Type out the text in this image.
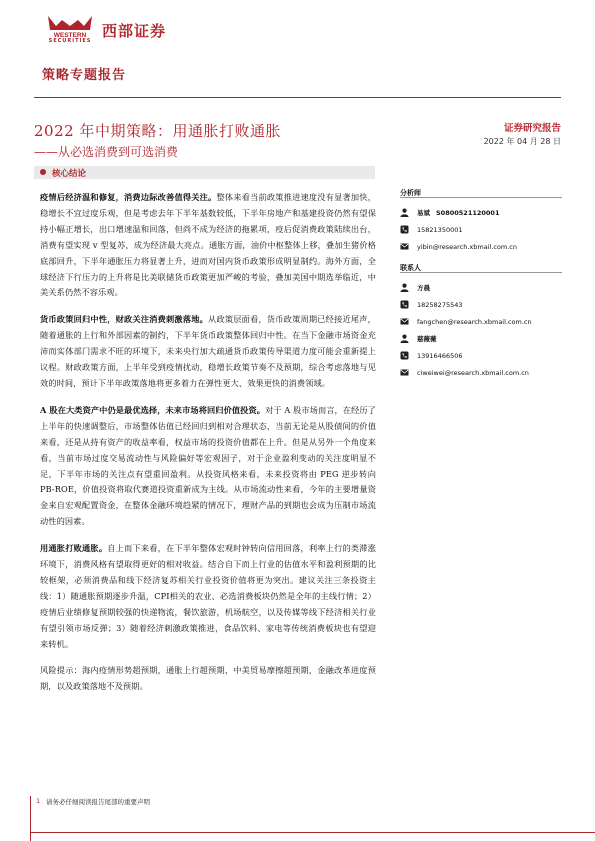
WESTERN
SECURITIES
西部证券
策略专题报告
2022 年中期策略：用通胀打败通胀
——从必选消费到可选消费
证券研究报告
2022 年 04 月 28 日
核心结论

疫情后经济温和修复，消费边际改善值得关注。整体来看当前政策推进速度没有显著加快，稳增长不宜过度乐观，但是考虑去年下半年基数较低，下半年房地产和基建投资仍然有望保持小幅正增长，出口增速温和回落，但尚不成为经济的拖累项，疫后促消费政策陆续出台，消费有望实现 v 型复苏，成为经济最大亮点。通胀方面，油价中枢整体上移，叠加生猪价格底部回升，下半年通胀压力将显著上升，进而对国内货币政策形成明显制约。海外方面，全球经济下行压力的上升将是比美联储货币政策更加严峻的考验，叠加美国中期选举临近，中美关系仍然不容乐观。

货币政策回归中性，财政关注消费刺激落地。从政策层面看，货币政策周期已经接近尾声，随着通胀的上行和外部因素的制约，下半年货币政策整体回归中性。在当下金融市场资金充沛而实体部门需求不旺的环境下，未来央行加大疏通货币政策传导渠道力度可能会重新提上议程。财政政策方面，上半年受到疫情扰动，稳增长政策节奏不及预期，综合考虑落地与见效的时间，预计下半年政策落地将更多着力在弹性更大、效果更快的消费领域。

A 股在大类资产中仍是最优选择，未来市场将回归价值投资。对于 A 股市场而言，在经历了上半年的快速调整后，市场整体估值已经回归到相对合理状态，当前无论是从股债间的价值来看，还是从持有资产的收益率看，权益市场的投资价值都在上升。但是从另外一个角度来看，当前市场过度交易流动性与风险偏好等宏观因子，对于企业盈利变动的关注度明显不足，下半年市场的关注点有望重回盈利。从投资风格来看，未来投资将由 PEG 逆步转向 PB-ROE，价值投资将取代赛道投资重新成为主线。从市场流动性来看，今年的主要增量资金来自宏观配置资金，在整体金融环境趋紧的情况下，理财产品的到期也会成为压制市场流动性的因素。

用通胀打败通胀。自上而下来看，在下半年整体宏观时钟转向信用回落，利率上行的类滞涨环境下，消费风格有望取得更好的相对收益。结合自下而上行业的估值水平和盈利预期的比较框架，必须消费品和线下经济复苏相关行业投资价值将更为突出。建议关注三条投资主线：1）随通胀预期逐步升温，CPI相关的农业、必选消费板块仍然是全年的主线行情；2）疫情后业绩修复预期较强的快递物流，餐饮旅游，机场航空，以及传媒等线下经济相关行业有望引领市场反弹；3）随着经济刺激政策推进，食品饮料、家电等传统消费板块也有望迎来转机。

风险提示：海内疫情形势超预期，通胀上行超预期，中美贸易摩擦超预期，金融改革进度预期，以及政策落地不及预期。

分析师
易斌 S0800521120001
15821350001
yibin@research.xbmail.com.cn
联系人
方晨
18258275543
fangchen@research.xbmail.com.cn
慈薇薇
13916466506
ciweiwei@research.xbmail.com.cn
1 请务必仔细阅读报告尾部的重要声明
